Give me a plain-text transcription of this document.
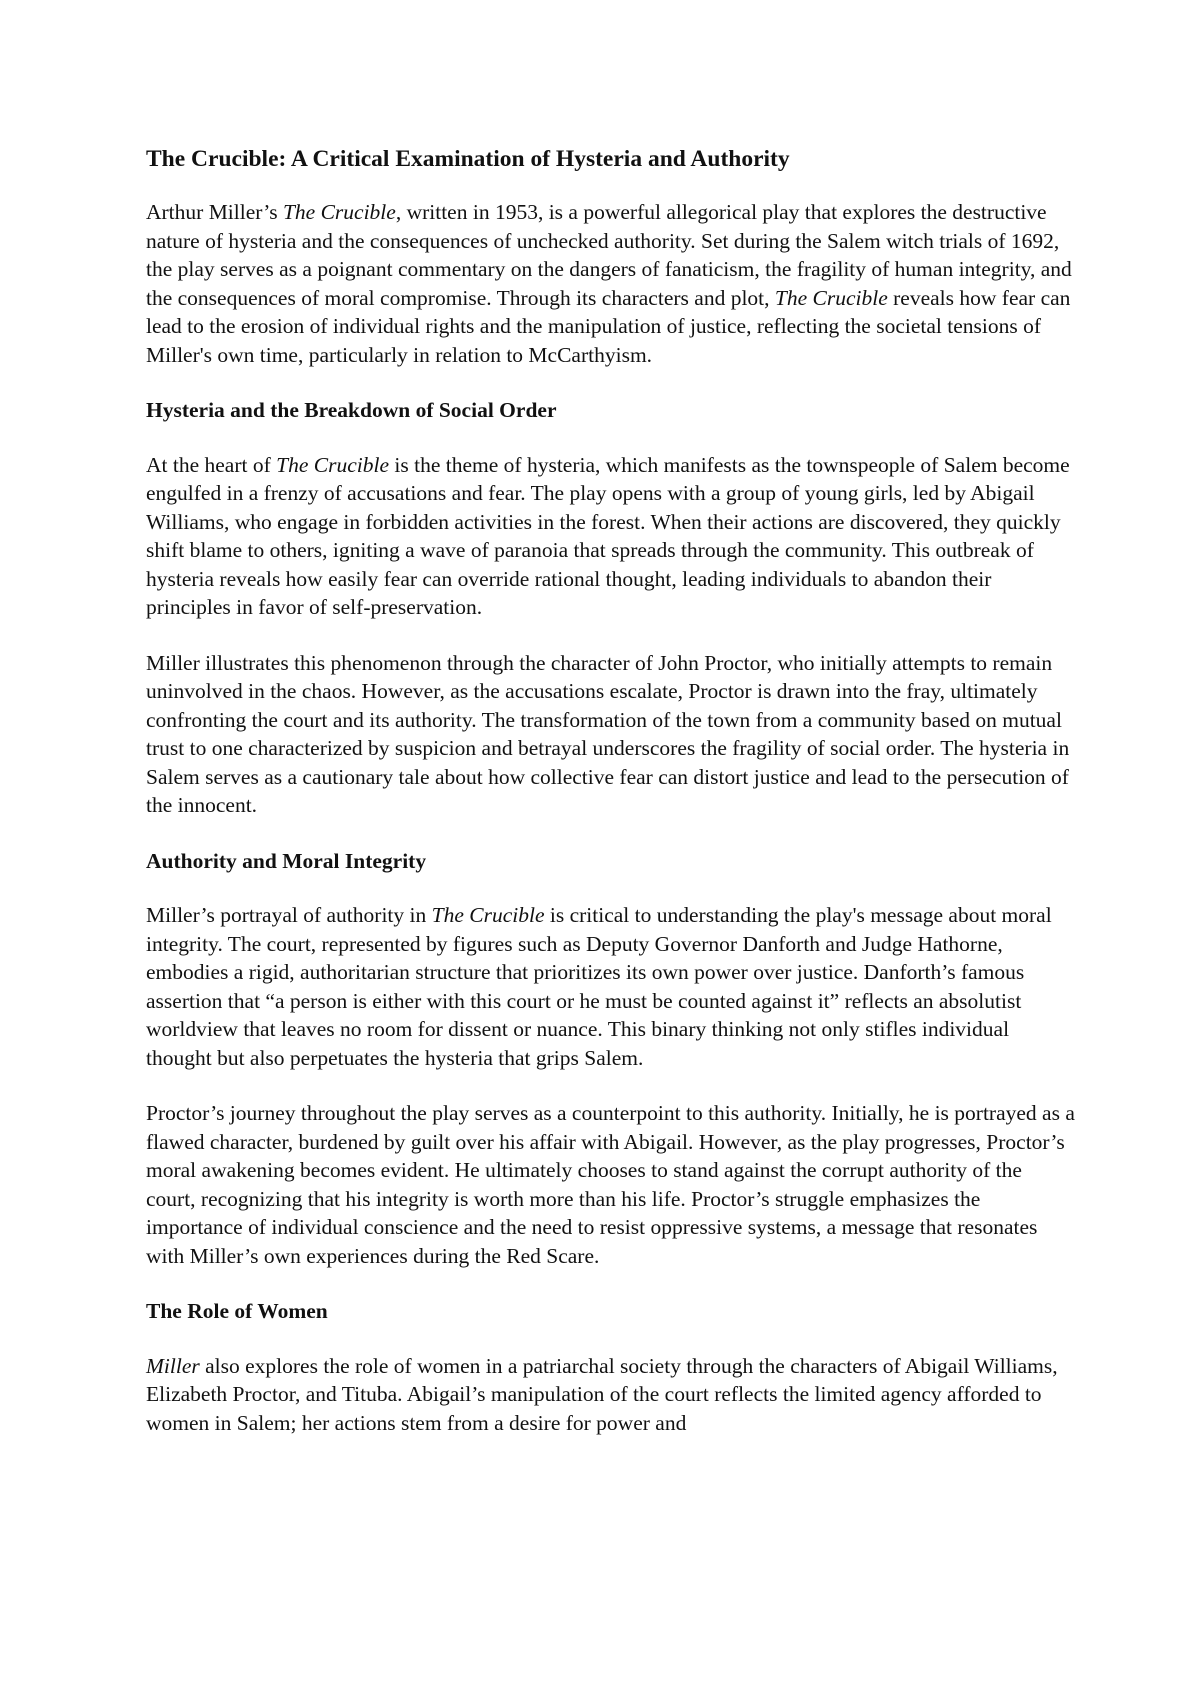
The Crucible: A Critical Examination of Hysteria and Authority

Arthur Miller’s The Crucible, written in 1953, is a powerful allegorical play that explores the destructive nature of hysteria and the consequences of unchecked authority. Set during the Salem witch trials of 1692, the play serves as a poignant commentary on the dangers of fanaticism, the fragility of human integrity, and the consequences of moral compromise. Through its characters and plot, The Crucible reveals how fear can lead to the erosion of individual rights and the manipulation of justice, reflecting the societal tensions of Miller's own time, particularly in relation to McCarthyism.

Hysteria and the Breakdown of Social Order

At the heart of The Crucible is the theme of hysteria, which manifests as the townspeople of Salem become engulfed in a frenzy of accusations and fear. The play opens with a group of young girls, led by Abigail Williams, who engage in forbidden activities in the forest. When their actions are discovered, they quickly shift blame to others, igniting a wave of paranoia that spreads through the community. This outbreak of hysteria reveals how easily fear can override rational thought, leading individuals to abandon their principles in favor of self-preservation.

Miller illustrates this phenomenon through the character of John Proctor, who initially attempts to remain uninvolved in the chaos. However, as the accusations escalate, Proctor is drawn into the fray, ultimately confronting the court and its authority. The transformation of the town from a community based on mutual trust to one characterized by suspicion and betrayal underscores the fragility of social order. The hysteria in Salem serves as a cautionary tale about how collective fear can distort justice and lead to the persecution of the innocent.

Authority and Moral Integrity

Miller’s portrayal of authority in The Crucible is critical to understanding the play's message about moral integrity. The court, represented by figures such as Deputy Governor Danforth and Judge Hathorne, embodies a rigid, authoritarian structure that prioritizes its own power over justice. Danforth’s famous assertion that “a person is either with this court or he must be counted against it” reflects an absolutist worldview that leaves no room for dissent or nuance. This binary thinking not only stifles individual thought but also perpetuates the hysteria that grips Salem.

Proctor’s journey throughout the play serves as a counterpoint to this authority. Initially, he is portrayed as a flawed character, burdened by guilt over his affair with Abigail. However, as the play progresses, Proctor’s moral awakening becomes evident. He ultimately chooses to stand against the corrupt authority of the court, recognizing that his integrity is worth more than his life. Proctor’s struggle emphasizes the importance of individual conscience and the need to resist oppressive systems, a message that resonates with Miller’s own experiences during the Red Scare.

The Role of Women

Miller also explores the role of women in a patriarchal society through the characters of Abigail Williams, Elizabeth Proctor, and Tituba. Abigail’s manipulation of the court reflects the limited agency afforded to women in Salem; her actions stem from a desire for power and
